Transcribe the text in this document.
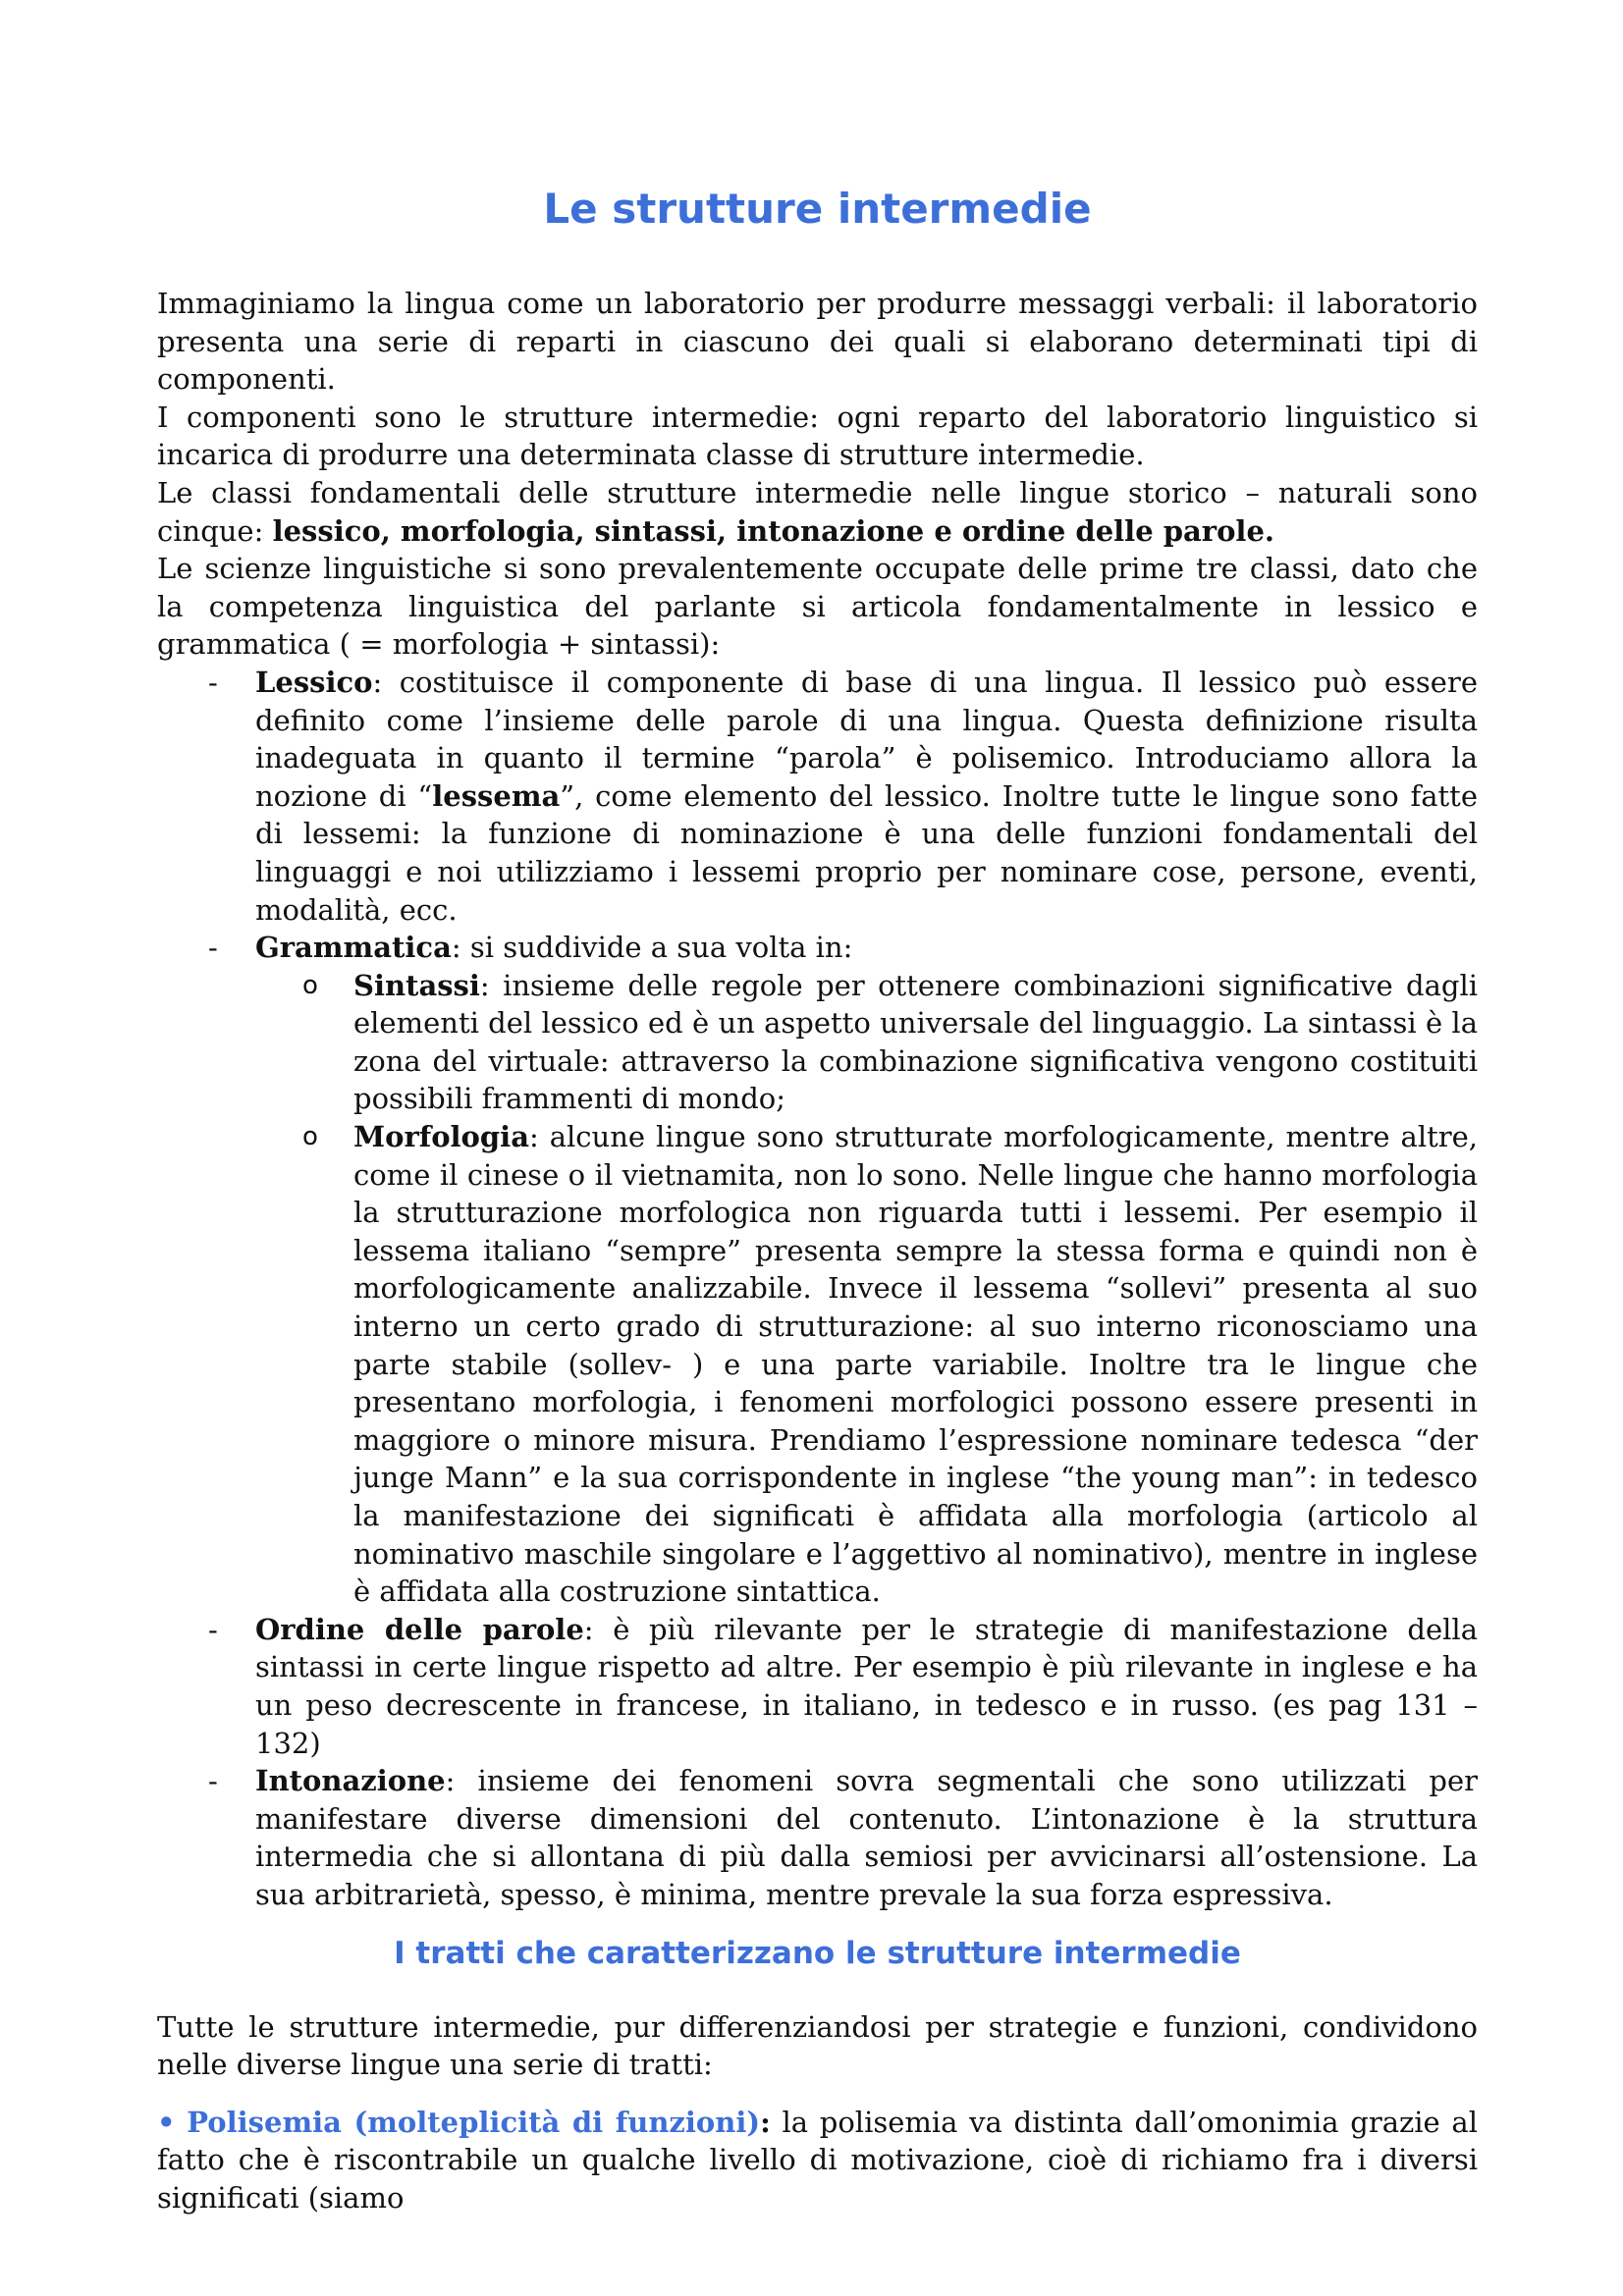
Le strutture intermedie

Immaginiamo la lingua come un laboratorio per produrre messaggi verbali: il laboratorio presenta una serie di reparti in ciascuno dei quali si elaborano determinati tipi di componenti.

I componenti sono le strutture intermedie: ogni reparto del laboratorio linguistico si incarica di produrre una determinata classe di strutture intermedie.

Le classi fondamentali delle strutture intermedie nelle lingue storico – naturali sono cinque: lessico, morfologia, sintassi, intonazione e ordine delle parole.

Le scienze linguistiche si sono prevalentemente occupate delle prime tre classi, dato che la competenza linguistica del parlante si articola fondamentalmente in lessico e grammatica ( = morfologia + sintassi):

- Lessico: costituisce il componente di base di una lingua. Il lessico può essere definito come l’insieme delle parole di una lingua. Questa definizione risulta inadeguata in quanto il termine “parola” è polisemico. Introduciamo allora la nozione di “lessema”, come elemento del lessico. Inoltre tutte le lingue sono fatte di lessemi: la funzione di nominazione è una delle funzioni fondamentali del linguaggi e noi utilizziamo i lessemi proprio per nominare cose, persone, eventi, modalità, ecc.
- Grammatica: si suddivide a sua volta in:
o Sintassi: insieme delle regole per ottenere combinazioni significative dagli elementi del lessico ed è un aspetto universale del linguaggio. La sintassi è la zona del virtuale: attraverso la combinazione significativa vengono costituiti possibili frammenti di mondo;
o Morfologia: alcune lingue sono strutturate morfologicamente, mentre altre, come il cinese o il vietnamita, non lo sono. Nelle lingue che hanno morfologia la strutturazione morfologica non riguarda tutti i lessemi. Per esempio il lessema italiano “sempre” presenta sempre la stessa forma e quindi non è morfologicamente analizzabile. Invece il lessema “sollevi” presenta al suo interno un certo grado di strutturazione: al suo interno riconosciamo una parte stabile (sollev- ) e una parte variabile. Inoltre tra le lingue che presentano morfologia, i fenomeni morfologici possono essere presenti in maggiore o minore misura. Prendiamo l’espressione nominare tedesca “der junge Mann” e la sua corrispondente in inglese “the young man”: in tedesco la manifestazione dei significati è affidata alla morfologia (articolo al nominativo maschile singolare e l’aggettivo al nominativo), mentre in inglese è affidata alla costruzione sintattica.
- Ordine delle parole: è più rilevante per le strategie di manifestazione della sintassi in certe lingue rispetto ad altre. Per esempio è più rilevante in inglese e ha un peso decrescente in francese, in italiano, in tedesco e in russo. (es pag 131 – 132)
- Intonazione: insieme dei fenomeni sovra segmentali che sono utilizzati per manifestare diverse dimensioni del contenuto. L’intonazione è la struttura intermedia che si allontana di più dalla semiosi per avvicinarsi all’ostensione. La sua arbitrarietà, spesso, è minima, mentre prevale la sua forza espressiva.
I tratti che caratterizzano le strutture intermedie

Tutte le strutture intermedie, pur differenziandosi per strategie e funzioni, condividono nelle diverse lingue una serie di tratti:

• Polisemia (molteplicità di funzioni): la polisemia va distinta dall’omonimia grazie al fatto che è riscontrabile un qualche livello di motivazione, cioè di richiamo fra i diversi significati (siamo
